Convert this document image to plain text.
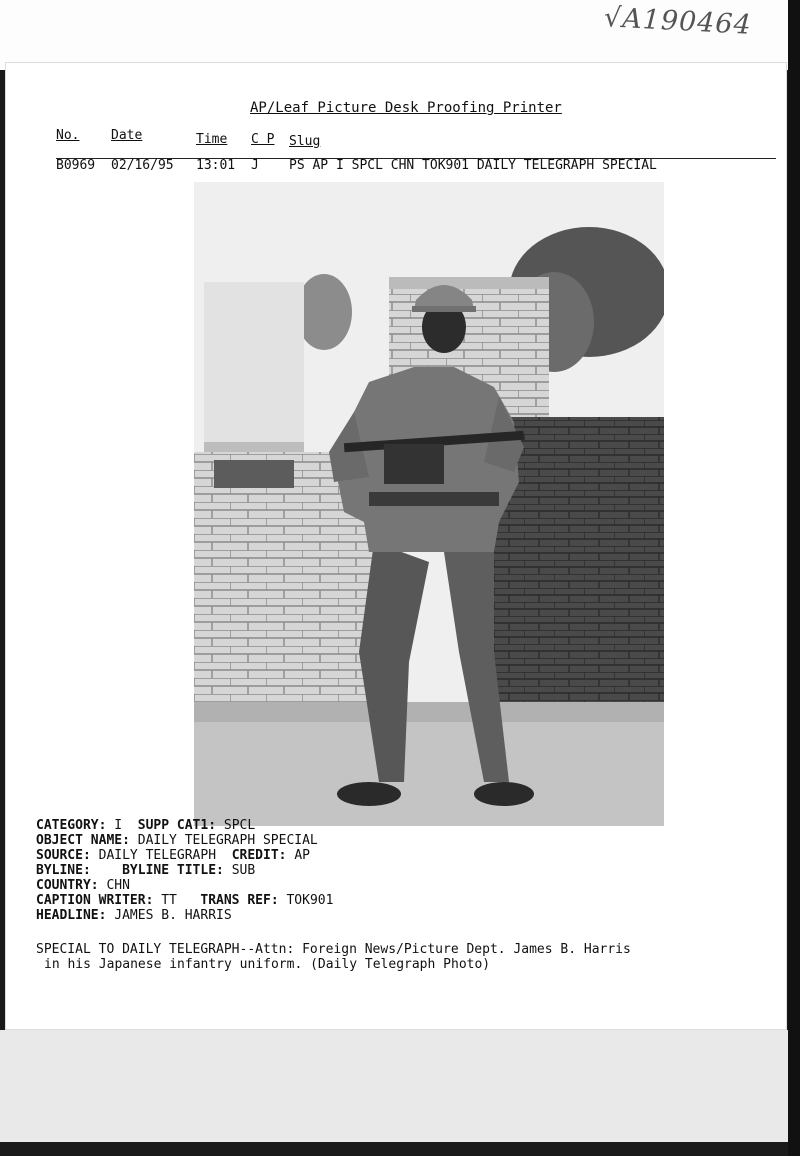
√A190464
AP/Leaf Picture Desk Proofing Printer
No. Date	Time C P Slug

B0969

02/16/95

13:01

J

PS AP I SPCL CHN TOK901 DAILY TELEGRAPH SPECIAL

CATEGORY: I SUPP CAT1: SPCL
OBJECT NAME: DAILY TELEGRAPH SPECIAL
SOURCE: DAILY TELEGRAPH CREDIT: AP
BYLINE: BYLINE TITLE: SUB
COUNTRY: CHN
CAPTION WRITER: TT TRANS REF: TOK901
HEADLINE: JAMES B. HARRIS
SPECIAL TO DAILY TELEGRAPH--Attn: Foreign News/Picture Dept. James B. Harris
in his Japanese infantry uniform. (Daily Telegraph Photo)
